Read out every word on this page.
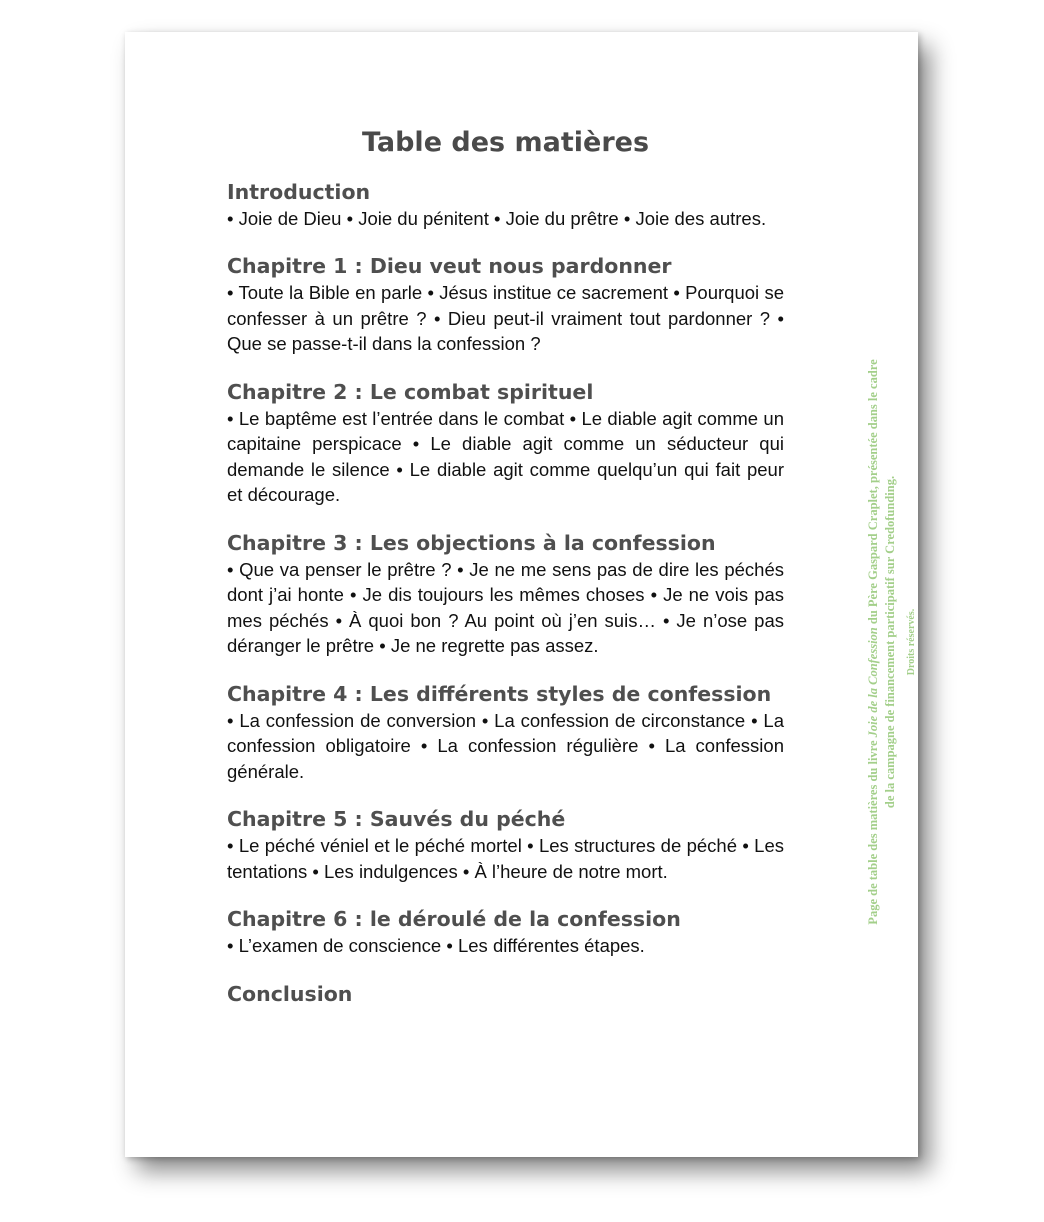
Table des matières
Introduction
• Joie de Dieu • Joie du pénitent • Joie du prêtre • Joie des autres.
Chapitre 1 : Dieu veut nous pardonner
• Toute la Bible en parle • Jésus institue ce sacrement • Pourquoi se confesser à un prêtre ? • Dieu peut-il vraiment tout pardonner ? • Que se passe-t-il dans la confession ?
Chapitre 2 : Le combat spirituel
• Le baptême est l’entrée dans le combat • Le diable agit comme un capitaine perspicace • Le diable agit comme un séducteur qui demande le silence • Le diable agit comme quelqu’un qui fait peur et décourage.
Chapitre 3 : Les objections à la confession
• Que va penser le prêtre ? • Je ne me sens pas de dire les péchés dont j’ai honte • Je dis toujours les mêmes choses • Je ne vois pas mes péchés • À quoi bon ? Au point où j’en suis… • Je n’ose pas déranger le prêtre • Je ne regrette pas assez.
Chapitre 4 : Les différents styles de confession
• La confession de conversion • La confession de circonstance • La confession obligatoire • La confession régulière • La confession générale.
Chapitre 5 : Sauvés du péché
• Le péché véniel et le péché mortel • Les structures de péché • Les tentations • Les indulgences • À l’heure de notre mort.
Chapitre 6 : le déroulé de la confession
• L’examen de conscience • Les différentes étapes.
Conclusion
Page de table des matières du livre Joie de la Confession du Père Gaspard Craplet, présentée dans le cadre de la campagne de financement participatif sur Credofunding. Droits réservés.
